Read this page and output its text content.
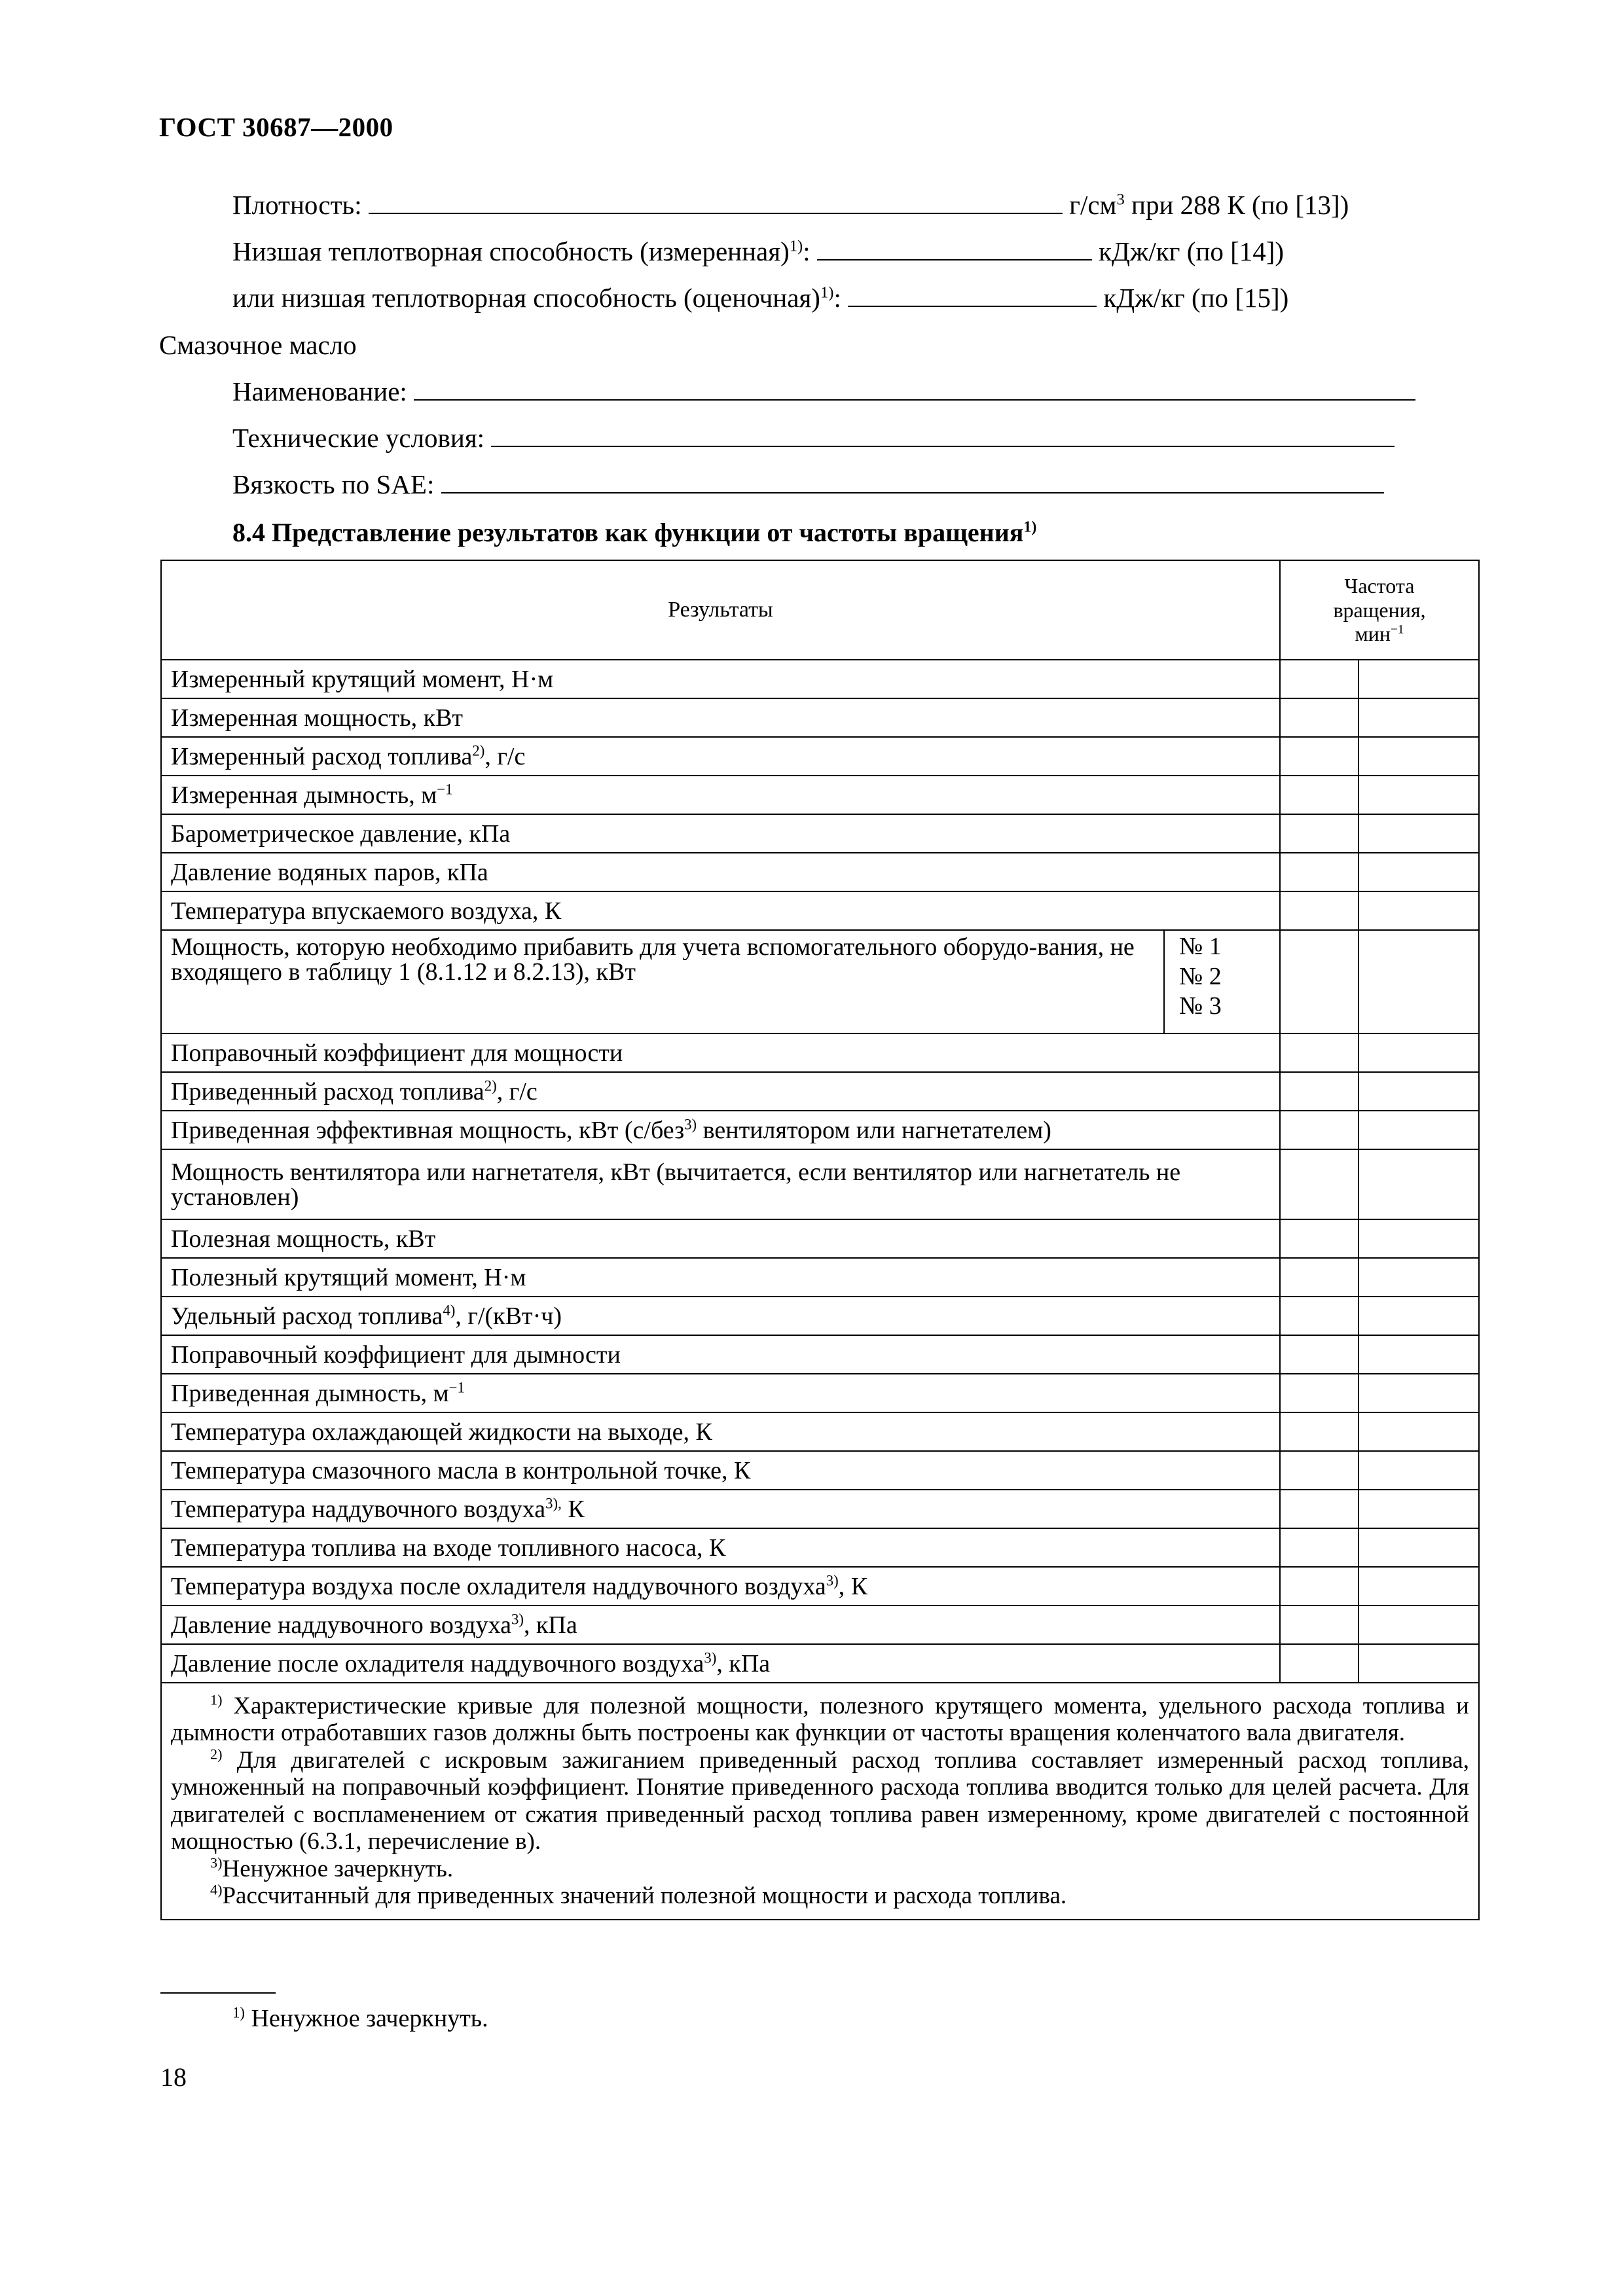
ГОСТ 30687—2000
Плотность:	$г/см^3$ при 288 К (по [13])
Низшая теплотворная способность (измеренная)$^{1)}$:	кДж/кг (по [14])
или низшая теплотворная способность (оценочная)$^{1)}$:	кДж/кг (по [15])
Смазочное масло
Наименование:
Технические условия:
Вязкость по SAE:
8.4 Представление результатов как функции от частоты вращения$^{1)}$
Результаты		Частота
вращения,
мин$^{-1}$

Измеренный крутящий момент, Н·м			
Измеренная мощность, кВт			
Измеренный расход топлива$^{2)}$, г/с			
Измеренная дымность, $м^{-1}$		
Барометрическое давление, кПа			
Давление водяных паров, кПа			
Температура впускаемого воздуха, К			
Мощность, которую необходимо прибавить для учета вспомогательного оборудо-вания, не входящего в таблицу 1 (8.1.12 и 8.2.13), кВт	№ 1
№ 2
№ 3		

Поправочный коэффициент для мощности			
Приведенный расход топлива$^{2)}$, г/с			
Приведенная эффективная мощность, кВт (с/без$^{3)}$ вентилятором или нагнетателем)			
Мощность вентилятора или нагнетателя, кВт (вычитается, если вентилятор или нагнетатель не установлен)			
Полезная мощность, кВт			
Полезный крутящий момент, Н·м			
Удельный расход топлива$^{4)}$, г/(кВт·ч)			
Поправочный коэффициент для дымности			
Приведенная дымность, $м^{-1}$		
Температура охлаждающей жидкости на выходе, К			
Температура смазочного масла в контрольной точке, К			
Температура наддувочного воздуха$^{3),}$ К			
Температура топлива на входе топливного насоса, К			
Температура воздуха после охладителя наддувочного воздуха$^{3)}$, К			
Давление наддувочного воздуха$^{3)}$, кПа			
Давление после охладителя наддувочного воздуха$^{3)}$, кПа			

$^{1)}$ Характеристические кривые для полезной мощности, полезного крутящего момента, удельного расхода топлива и дымности отработавших газов должны быть построены как функции от частоты вращения коленчатого вала двигателя.

$^{2)}$ Для двигателей с искровым зажиганием приведенный расход топлива составляет измеренный расход топлива, умноженный на поправочный коэффициент. Понятие приведенного расхода топлива вводится только для целей расчета. Для двигателей с воспламенением от сжатия приведенный расход топлива равен измеренному, кроме двигателей с постоянной мощностью (6.3.1, перечисление в).

$^{3)}$Ненужное зачеркнуть.

$^{4)}$Рассчитанный для приведенных значений полезной мощности и расхода топлива.			

$^{1)}$ Ненужное зачеркнуть.
18
